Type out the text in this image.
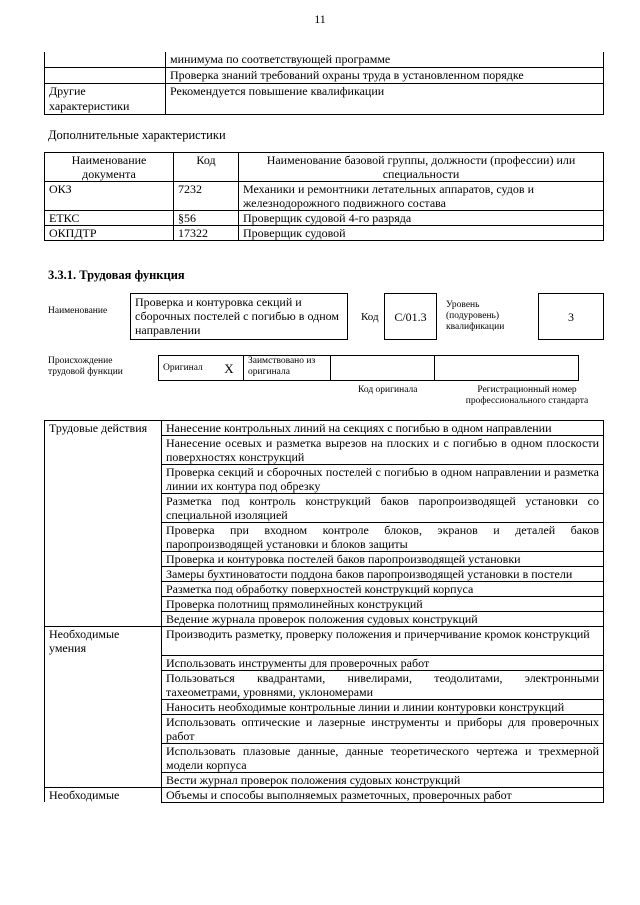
11
	минимума по соответствующей программе
	Проверка знаний требований охраны труда в установленном порядке
Другие характеристики	Рекомендуется повышение квалификации
Дополнительные характеристики
Наименование документа	Код	Наименование базовой группы, должности (профессии) или специальности
ОКЗ	7232	Механики и ремонтники летательных аппаратов, судов и железнодорожного подвижного состава
ЕТКС	§56	Проверщик судовой 4-го разряда
ОКПДТР	17322	Проверщик судовой
3.3.1. Трудовая функция
Наименование
Проверка и контуровка секций и сборочных постелей с погибью в одном направлении
Код	С/01.3
Уровень (подуровень) квалификации
3
Происхождение трудовой функции	Оригинал	Х	Заимствовано из оригинала		
Код оригинала	Регистрационный номер профессионального стандарта
Трудовые действия	Нанесение контрольных линий на секциях с погибью в одном направлении
	Нанесение осевых и разметка вырезов на плоских и с погибью в одном плоскости поверхностях конструкций
	Проверка секций и сборочных постелей с погибью в одном направлении и разметка линии их контура под обрезку
	Разметка под контроль конструкций баков паропроизводящей установки со специальной изоляцией
	Проверка при входном контроле блоков, экранов и деталей баков паропроизводящей установки и блоков защиты
	Проверка и контуровка постелей баков паропроизводящей установки
	Замеры бухтиноватости поддона баков паропроизводящей установки в постели
	Разметка под обработку поверхностей конструкций корпуса
	Проверка полотнищ прямолинейных конструкций
	Ведение журнала проверок положения судовых конструкций
Необходимые умения	Производить разметку, проверку положения и причерчивание кромок конструкций
	Использовать инструменты для проверочных работ
	Пользоваться квадрантами, нивелирами, теодолитами, электронными тахеометрами, уровнями, уклономерами
	Наносить необходимые контрольные линии и линии контуровки конструкций
	Использовать оптические и лазерные инструменты и приборы для проверочных работ
	Использовать плазовые данные, данные теоретического чертежа и трехмерной модели корпуса
	Вести журнал проверок положения судовых конструкций
Необходимые	Объемы и способы выполняемых разметочных, проверочных работ
